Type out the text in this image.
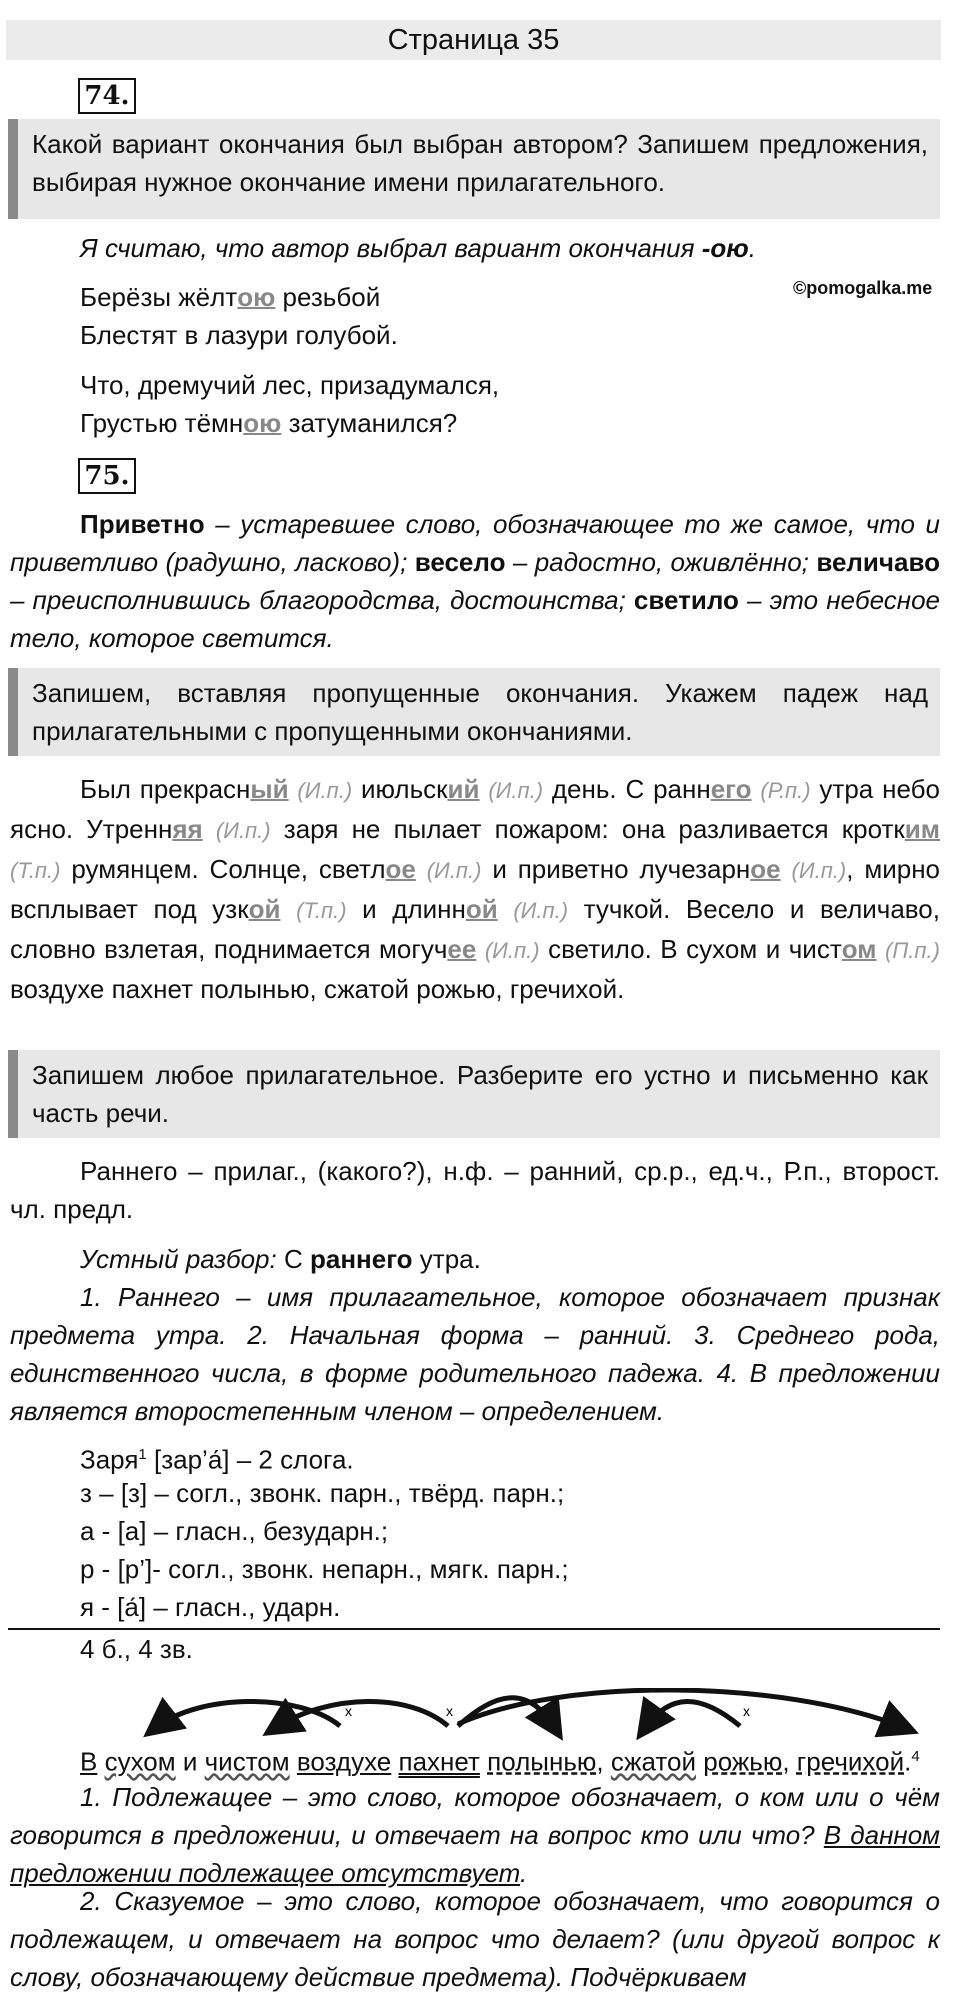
Страница 35
74.
Какой вариант окончания был выбран автором? Запишем предложения, выбирая нужное окончание имени прилагательного.
Я считаю, что автор выбрал вариант окончания -ою.
©pomogalka.me
Берёзы жёлтою резьбой
Блестят в лазури голубой.
Что, дремучий лес, призадумался,
Грустью тёмною затуманился?
75.
Приветно – устаревшее слово, обозначающее то же самое, что и приветливо (радушно, ласково); весело – радостно, оживлённо; величаво – преисполнившись благородства, достоинства; светило – это небесное тело, которое светится.
Запишем, вставляя пропущенные окончания. Укажем падеж над прилагательными с пропущенными окончаниями.
Был прекрасный (И.п.) июльский (И.п.) день. С раннего (Р.п.) утра небо ясно. Утренняя (И.п.) заря не пылает пожаром: она разливается кротким (Т.п.) румянцем. Солнце, светлое (И.п.) и приветно лучезарное (И.п.), мирно всплывает под узкой (Т.п.) и длинной (И.п.) тучкой. Весело и величаво, словно взлетая, поднимается могучее (И.п.) светило. В сухом и чистом (П.п.) воздухе пахнет полынью, сжатой рожью, гречихой.
Запишем любое прилагательное. Разберите его устно и письменно как часть речи.
Раннего – прилаг., (какого?), н.ф. – ранний, ср.р., ед.ч., Р.п., второст. чл. предл.
Устный разбор: С раннего утра.
1. Раннего – имя прилагательное, которое обозначает признак предмета утра. 2. Начальная форма – ранний. 3. Среднего рода, единственного числа, в форме родительного падежа. 4. В предложении является второстепенным членом – определением.
Заря$^1$ [зар’а́] – 2 слога.
з – [з] – согл., звонк. парн., твёрд. парн.;
а - [а] – гласн., безударн.;
р - [р’]- согл., звонк. непарн., мягк. парн.;
я - [а́] – гласн., ударн.
4 б., 4 зв.
x	x	x
В сухом и чистом воздухе пахнет полынью, сжатой рожью, гречихой.$^4$
1. Подлежащее – это слово, которое обозначает, о ком или о чём говорится в предложении, и отвечает на вопрос кто или что? В данном предложении подлежащее отсутствует.
2. Сказуемое – это слово, которое обозначает, что говорится о подлежащем, и отвечает на вопрос что делает? (или другой вопрос к слову, обозначающему действие предмета). Подчёркиваем
